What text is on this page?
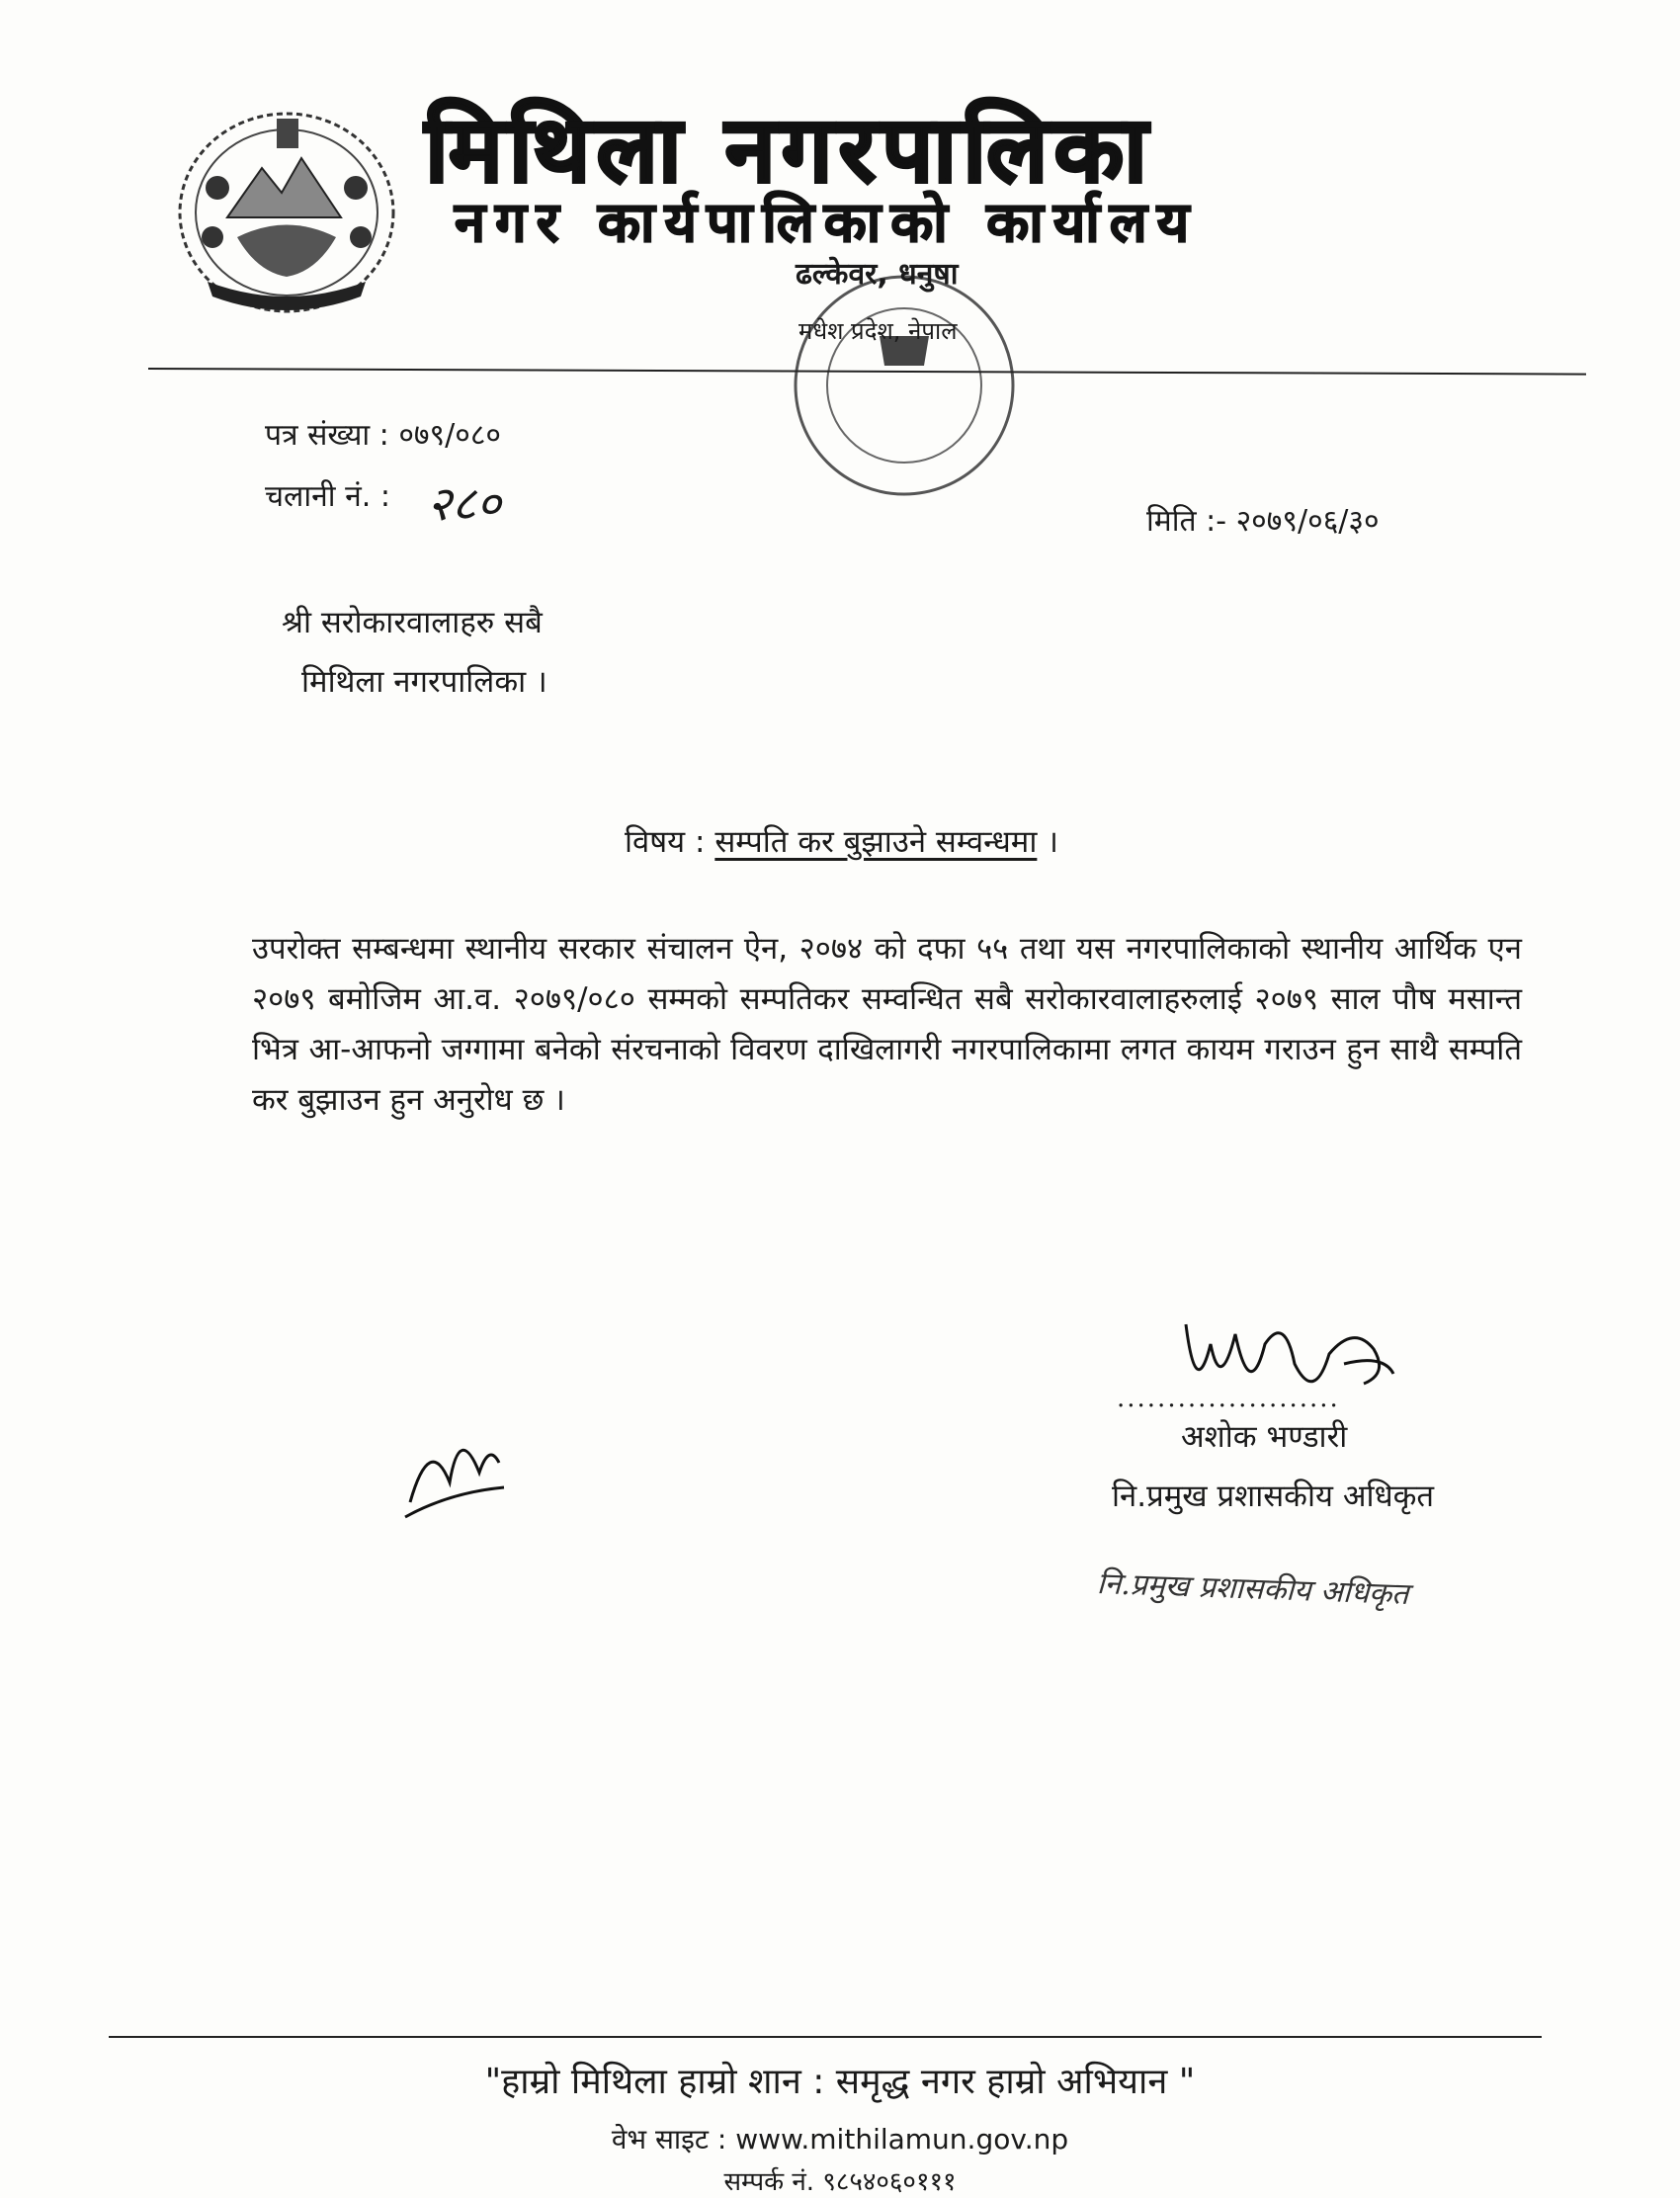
मिथिला नगरपालिका
नगर कार्यपालिकाको कार्यालय
ढल्केवर, धनुषा
मधेश प्रदेश, नेपाल
पत्र संख्या : ०७९/०८०
चलानी नं. : २८०	मिति :- २०७९/०६/३०
श्री सरोकारवालाहरु सबै
मिथिला नगरपालिका ।
विषय : सम्पति कर बुझाउने सम्वन्धमा ।
उपरोक्त सम्बन्धमा स्थानीय सरकार संचालन ऐन, २०७४ को दफा ५५ तथा यस नगरपालिकाको स्थानीय आर्थिक एन २०७९ बमोजिम आ.व. २०७९/०८० सम्मको सम्पतिकर सम्वन्धित सबै सरोकारवालाहरुलाई २०७९ साल पौष मसान्त भित्र आ-आफनो जग्गामा बनेको संरचनाको विवरण दाखिलागरी नगरपालिकामा लगत कायम गराउन हुन साथै सम्पति कर बुझाउन हुन अनुरोध छ ।
......................
अशोक भण्डारी
नि.प्रमुख प्रशासकीय अधिकृत
नि.प्रमुख प्रशासकीय अधिकृत
"हाम्रो मिथिला हाम्रो शान : समृद्ध नगर हाम्रो अभियान "
वेभ साइट : www.mithilamun.gov.np
सम्पर्क नं. ९८५४०६०१११
